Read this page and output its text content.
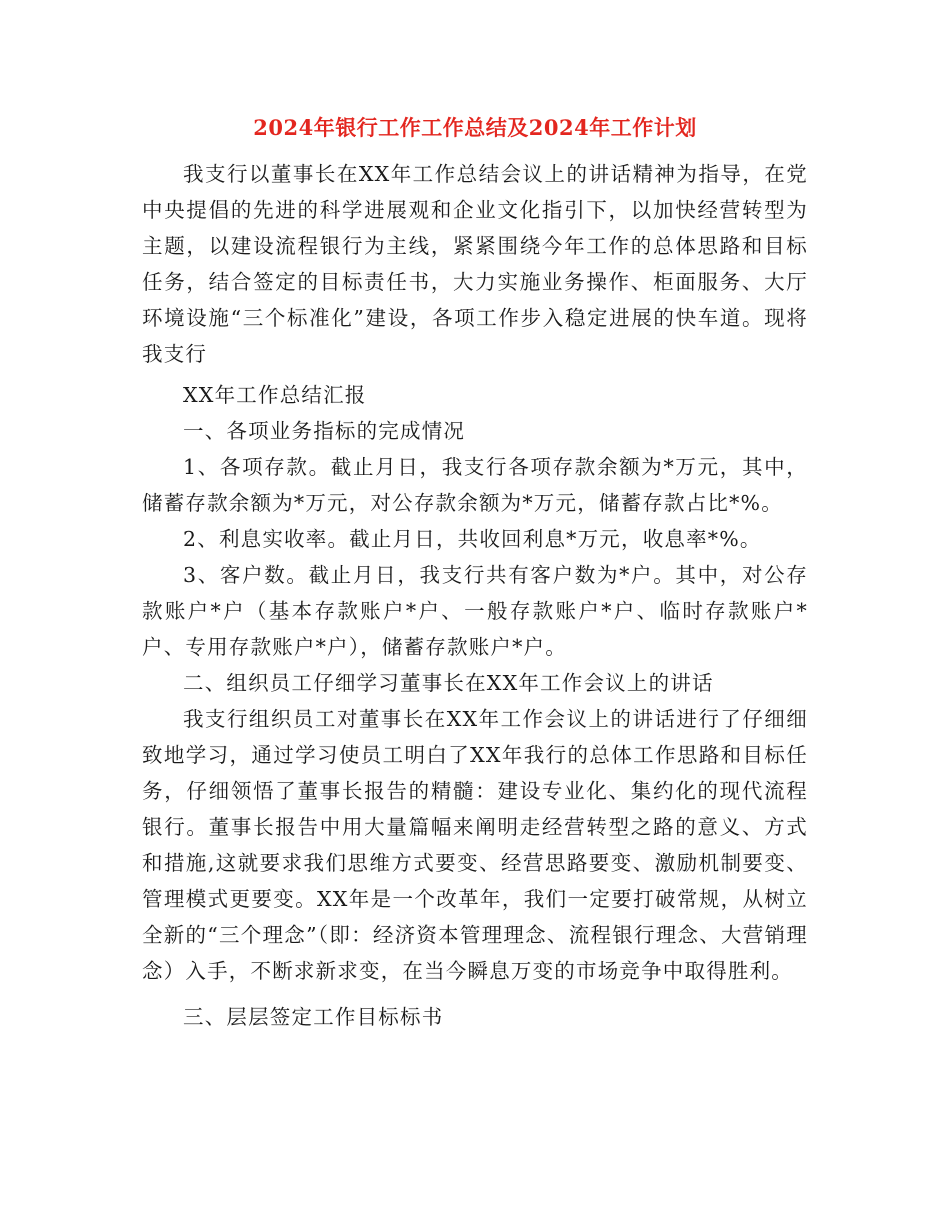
2024年银行工作工作总结及2024年工作计划

我支行以董事长在XX年工作总结会议上的讲话精神为指导，在党中央提倡的先进的科学进展观和企业文化指引下，以加快经营转型为主题，以建设流程银行为主线，紧紧围绕今年工作的总体思路和目标任务，结合签定的目标责任书，大力实施业务操作、柜面服务、大厅环境设施“三个标准化”建设，各项工作步入稳定进展的快车道。现将我支行

XX年工作总结汇报

一、各项业务指标的完成情况

1、各项存款。截止月日，我支行各项存款余额为*万元，其中，储蓄存款余额为*万元，对公存款余额为*万元，储蓄存款占比*%。

2、利息实收率。截止月日，共收回利息*万元，收息率*%。

3、客户数。截止月日，我支行共有客户数为*户。其中，对公存款账户*户（基本存款账户*户、一般存款账户*户、临时存款账户*户、专用存款账户*户），储蓄存款账户*户。

二、组织员工仔细学习董事长在XX年工作会议上的讲话

我支行组织员工对董事长在XX年工作会议上的讲话进行了仔细细致地学习，通过学习使员工明白了XX年我行的总体工作思路和目标任务，仔细领悟了董事长报告的精髓：建设专业化、集约化的现代流程银行。董事长报告中用大量篇幅来阐明走经营转型之路的意义、方式和措施,这就要求我们思维方式要变、经营思路要变、激励机制要变、管理模式更要变。XX年是一个改革年，我们一定要打破常规，从树立全新的“三个理念”（即：经济资本管理理念、流程银行理念、大营销理念）入手，不断求新求变，在当今瞬息万变的市场竞争中取得胜利。

三、层层签定工作目标标书
